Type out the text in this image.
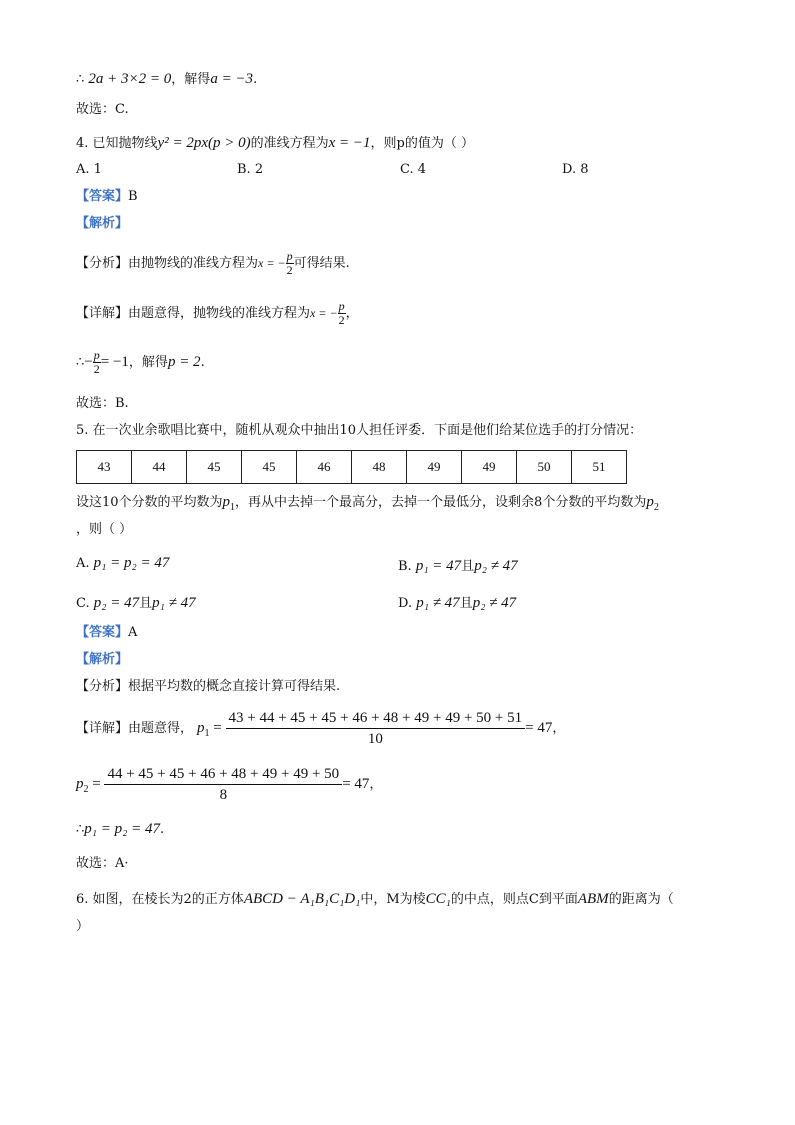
∴ 2a + 3×2 = 0，解得a = −3.
故选：C.
4. 已知抛物线y² = 2px(p > 0)的准线方程为x = −1，则p的值为（ ）
A. 1	B. 2	C. 4	D. 8
【答案】B
【解析】
【分析】由抛物线的准线方程为x = − $\frac{p}{2}$ 可得结果.
【详解】由题意得，抛物线的准线方程为x = − $\frac{p}{2}$ ，
∴− $\frac{p}{2} = -1$，解得p = 2.
故选：B.
5. 在一次业余歌唱比赛中，随机从观众中抽出10人担任评委．下面是他们给某位选手的打分情况：
43	44	45	45	46	48	49	49	50	51
设这10个分数的平均数为$p_1$，再从中去掉一个最高分，去掉一个最低分，设剩余8个分数的平均数为$p_2$
，则（ ）
A. p₁ = p₂ = 47	B. p₁ = 47且p₂ ≠ 47
C. p₂ = 47且p₁ ≠ 47	D. p₁ ≠ 47且p₂ ≠ 47
【答案】A
【解析】
【分析】根据平均数的概念直接计算可得结果.
【详解】由题意得， $p_1 = \frac{43 + 44 + 45 + 45 + 46 + 48 + 49 + 49 + 50 + 51}{10} = 47$，
$p_2 = \frac{44 + 45 + 45 + 46 + 48 + 49 + 49 + 50}{8} = 47$，
∴p₁ = p₂ = 47.
故选：A·
6. 如图，在棱长为2的正方体ABCD − A₁B₁C₁D₁中，M为棱CC₁的中点，则点C到平面ABM的距离为（
）
